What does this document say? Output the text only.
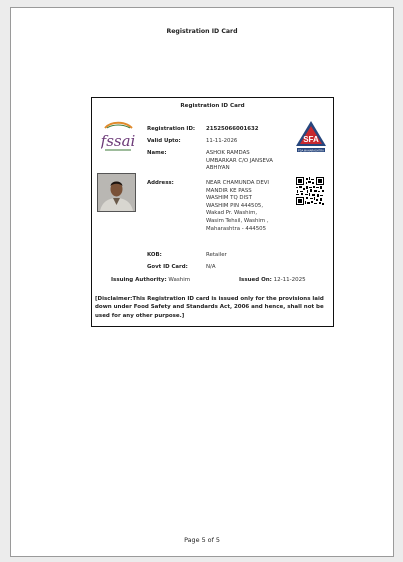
Registration ID Card
Registration ID Card
fssai	SFA
FDA MAHARASHTRA
Registration ID: 21525066001632
Valid Upto:	11-11-2026
Name:	ASHOK RAMDAS
UMBARKAR C/O JANSEVA
ABHIYAN
Address:	NEAR CHAMUNDA DEVI
MANDIR KE PASS
WASHIM TQ DIST
WASHIM PIN 444505,
Wakad Pr. Washim,
Wasim Tehsil, Washim ,
Maharashtra - 444505
KOB:	Retailer
Govt ID Card:	N/A
Issuing Authority: Washim	Issued On: 12-11-2025
[Disclaimer:This Registration ID card is issued only for the provisions laid down under Food Safety and Standards Act, 2006 and hence, shall not be used for any other purpose.]
Page 5 of 5
